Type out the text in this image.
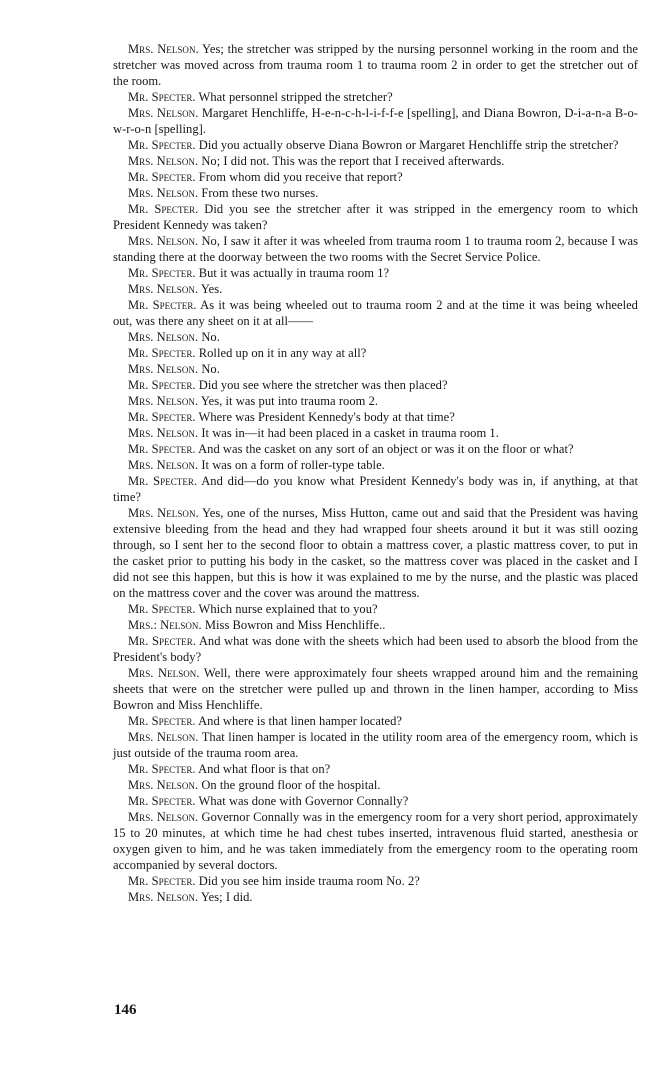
Mrs. Nelson. Yes; the stretcher was stripped by the nursing personnel working in the room and the stretcher was moved across from trauma room 1 to trauma room 2 in order to get the stretcher out of the room.

Mr. Specter. What personnel stripped the stretcher?

Mrs. Nelson. Margaret Henchliffe, H-e-n-c-h-l-i-f-f-e [spelling], and Diana Bowron, D-i-a-n-a B-o-w-r-o-n [spelling].

Mr. Specter. Did you actually observe Diana Bowron or Margaret Henchliffe strip the stretcher?

Mrs. Nelson. No; I did not. This was the report that I received afterwards.

Mr. Specter. From whom did you receive that report?

Mrs. Nelson. From these two nurses.

Mr. Specter. Did you see the stretcher after it was stripped in the emergency room to which President Kennedy was taken?

Mrs. Nelson. No, I saw it after it was wheeled from trauma room 1 to trauma room 2, because I was standing there at the doorway between the two rooms with the Secret Service Police.

Mr. Specter. But it was actually in trauma room 1?

Mrs. Nelson. Yes.

Mr. Specter. As it was being wheeled out to trauma room 2 and at the time it was being wheeled out, was there any sheet on it at all——

Mrs. Nelson. No.

Mr. Specter. Rolled up on it in any way at all?

Mrs. Nelson. No.

Mr. Specter. Did you see where the stretcher was then placed?

Mrs. Nelson. Yes, it was put into trauma room 2.

Mr. Specter. Where was President Kennedy's body at that time?

Mrs. Nelson. It was in—it had been placed in a casket in trauma room 1.

Mr. Specter. And was the casket on any sort of an object or was it on the floor or what?

Mrs. Nelson. It was on a form of roller-type table.

Mr. Specter. And did—do you know what President Kennedy's body was in, if anything, at that time?

Mrs. Nelson. Yes, one of the nurses, Miss Hutton, came out and said that the President was having extensive bleeding from the head and they had wrapped four sheets around it but it was still oozing through, so I sent her to the second floor to obtain a mattress cover, a plastic mattress cover, to put in the casket prior to putting his body in the casket, so the mattress cover was placed in the casket and I did not see this happen, but this is how it was explained to me by the nurse, and the plastic was placed on the mattress cover and the cover was around the mattress.

Mr. Specter. Which nurse explained that to you?

Mrs.: Nelson. Miss Bowron and Miss Henchliffe..

Mr. Specter. And what was done with the sheets which had been used to absorb the blood from the President's body?

Mrs. Nelson. Well, there were approximately four sheets wrapped around him and the remaining sheets that were on the stretcher were pulled up and thrown in the linen hamper, according to Miss Bowron and Miss Henchliffe.

Mr. Specter. And where is that linen hamper located?

Mrs. Nelson. That linen hamper is located in the utility room area of the emergency room, which is just outside of the trauma room area.

Mr. Specter. And what floor is that on?

Mrs. Nelson. On the ground floor of the hospital.

Mr. Specter. What was done with Governor Connally?

Mrs. Nelson. Governor Connally was in the emergency room for a very short period, approximately 15 to 20 minutes, at which time he had chest tubes inserted, intravenous fluid started, anesthesia or oxygen given to him, and he was taken immediately from the emergency room to the operating room accompanied by several doctors.

Mr. Specter. Did you see him inside trauma room No. 2?

Mrs. Nelson. Yes; I did.

146
